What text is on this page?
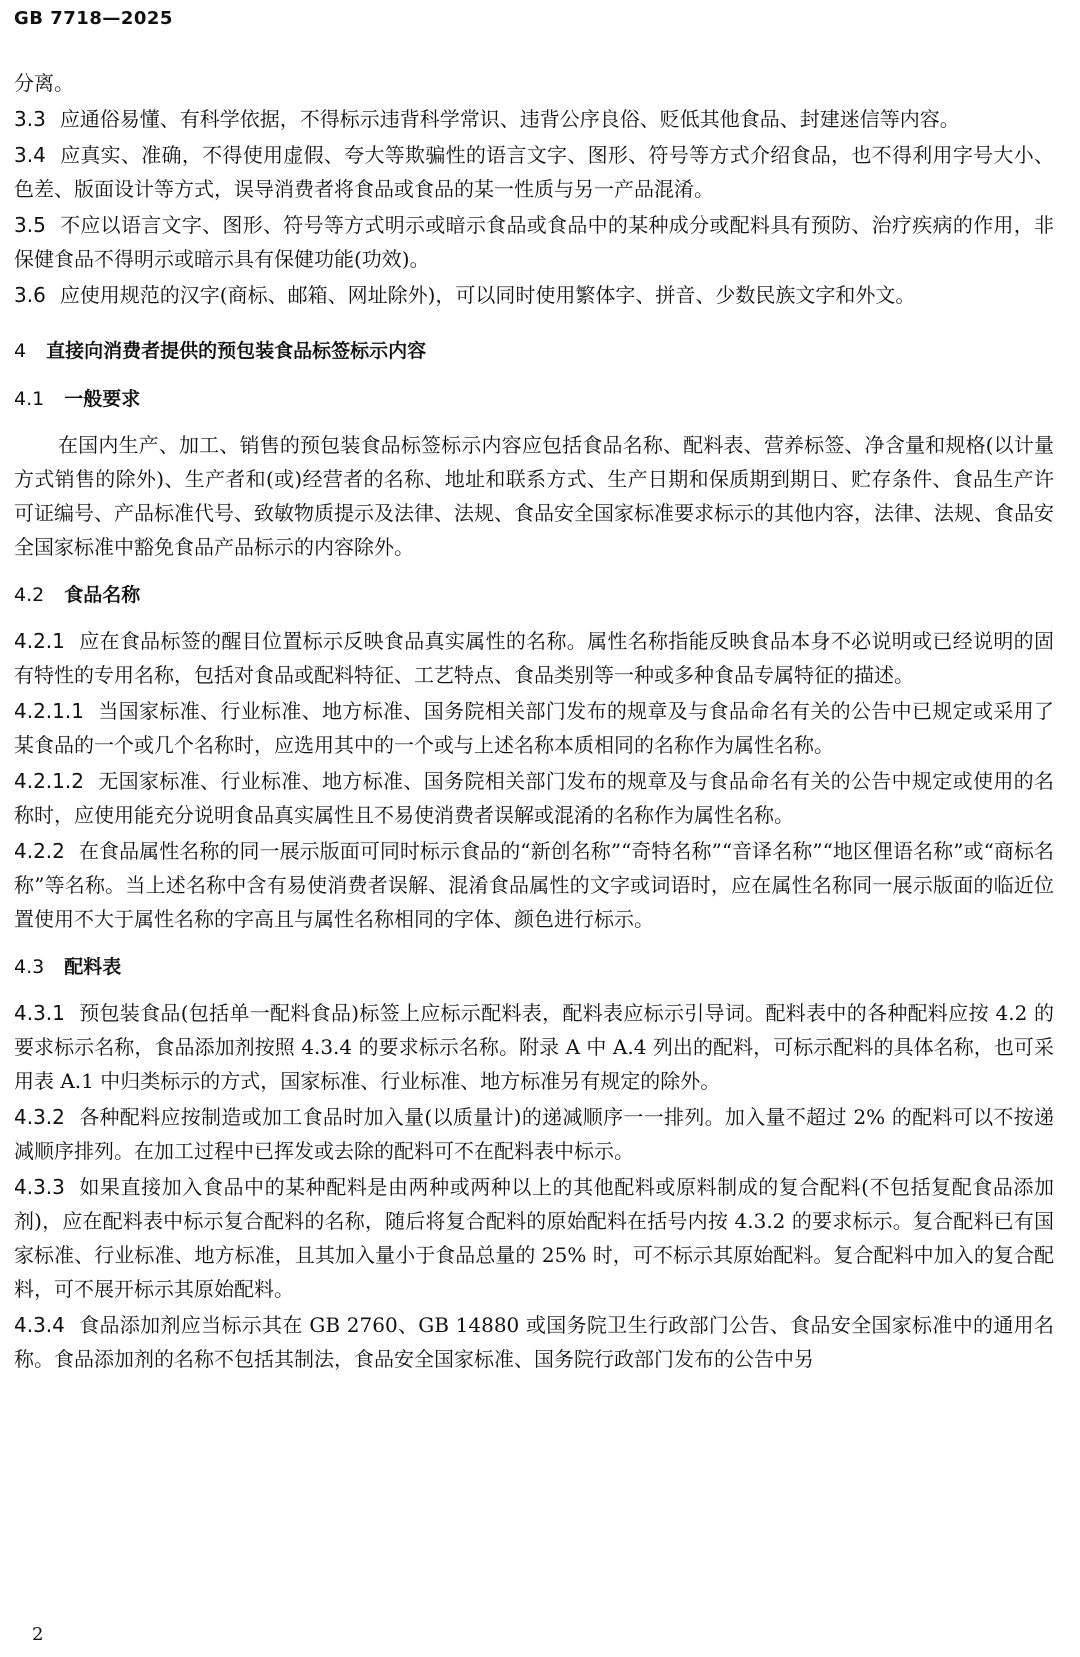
GB 7718—2025

分离。

3.3 应通俗易懂、有科学依据，不得标示违背科学常识、违背公序良俗、贬低其他食品、封建迷信等内容。

3.4 应真实、准确，不得使用虚假、夸大等欺骗性的语言文字、图形、符号等方式介绍食品，也不得利用字号大小、色差、版面设计等方式，误导消费者将食品或食品的某一性质与另一产品混淆。

3.5 不应以语言文字、图形、符号等方式明示或暗示食品或食品中的某种成分或配料具有预防、治疗疾病的作用，非保健食品不得明示或暗示具有保健功能(功效)。

3.6 应使用规范的汉字(商标、邮箱、网址除外)，可以同时使用繁体字、拼音、少数民族文字和外文。

4 直接向消费者提供的预包装食品标签标示内容
4.1 一般要求

在国内生产、加工、销售的预包装食品标签标示内容应包括食品名称、配料表、营养标签、净含量和规格(以计量方式销售的除外)、生产者和(或)经营者的名称、地址和联系方式、生产日期和保质期到期日、贮存条件、食品生产许可证编号、产品标准代号、致敏物质提示及法律、法规、食品安全国家标准要求标示的其他内容，法律、法规、食品安全国家标准中豁免食品产品标示的内容除外。

4.2 食品名称

4.2.1 应在食品标签的醒目位置标示反映食品真实属性的名称。属性名称指能反映食品本身不必说明或已经说明的固有特性的专用名称，包括对食品或配料特征、工艺特点、食品类别等一种或多种食品专属特征的描述。

4.2.1.1 当国家标准、行业标准、地方标准、国务院相关部门发布的规章及与食品命名有关的公告中已规定或采用了某食品的一个或几个名称时，应选用其中的一个或与上述名称本质相同的名称作为属性名称。

4.2.1.2 无国家标准、行业标准、地方标准、国务院相关部门发布的规章及与食品命名有关的公告中规定或使用的名称时，应使用能充分说明食品真实属性且不易使消费者误解或混淆的名称作为属性名称。

4.2.2 在食品属性名称的同一展示版面可同时标示食品的“新创名称”“奇特名称”“音译名称”“地区俚语名称”或“商标名称”等名称。当上述名称中含有易使消费者误解、混淆食品属性的文字或词语时，应在属性名称同一展示版面的临近位置使用不大于属性名称的字高且与属性名称相同的字体、颜色进行标示。

4.3 配料表

4.3.1 预包装食品(包括单一配料食品)标签上应标示配料表，配料表应标示引导词。配料表中的各种配料应按 4.2 的要求标示名称，食品添加剂按照 4.3.4 的要求标示名称。附录 A 中 A.4 列出的配料，可标示配料的具体名称，也可采用表 A.1 中归类标示的方式，国家标准、行业标准、地方标准另有规定的除外。

4.3.2 各种配料应按制造或加工食品时加入量(以质量计)的递减顺序一一排列。加入量不超过 2% 的配料可以不按递减顺序排列。在加工过程中已挥发或去除的配料可不在配料表中标示。

4.3.3 如果直接加入食品中的某种配料是由两种或两种以上的其他配料或原料制成的复合配料(不包括复配食品添加剂)，应在配料表中标示复合配料的名称，随后将复合配料的原始配料在括号内按 4.3.2 的要求标示。复合配料已有国家标准、行业标准、地方标准，且其加入量小于食品总量的 25% 时，可不标示其原始配料。复合配料中加入的复合配料，可不展开标示其原始配料。

4.3.4 食品添加剂应当标示其在 GB 2760、GB 14880 或国务院卫生行政部门公告、食品安全国家标准中的通用名称。食品添加剂的名称不包括其制法，食品安全国家标准、国务院行政部门发布的公告中另

2
